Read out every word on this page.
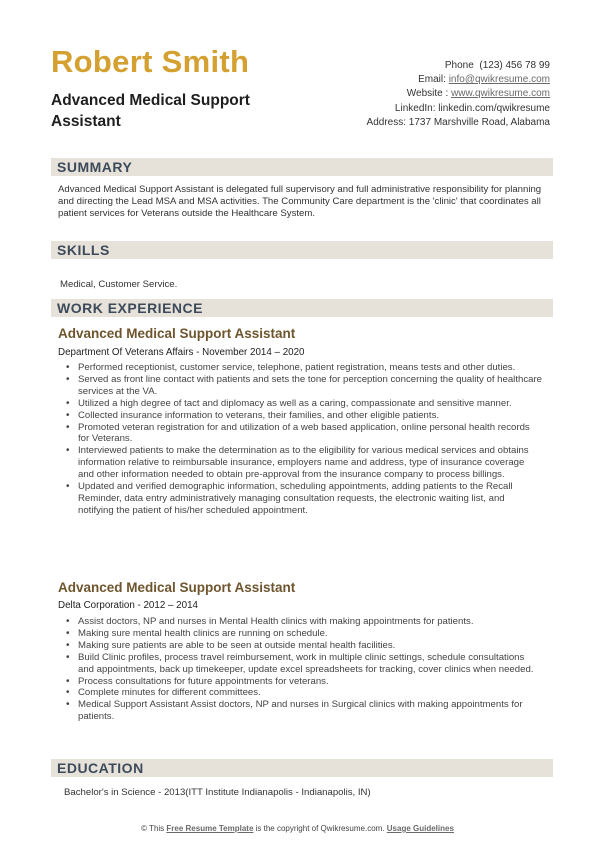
Robert Smith
Advanced Medical Support Assistant
Phone (123) 456 78 99
Email: info@qwikresume.com
Website : www.qwikresume.com
LinkedIn: linkedin.com/qwikresume
Address: 1737 Marshville Road, Alabama
SUMMARY
Advanced Medical Support Assistant is delegated full supervisory and full administrative responsibility for planning and directing the Lead MSA and MSA activities. The Community Care department is the 'clinic' that coordinates all patient services for Veterans outside the Healthcare System.
SKILLS
Medical, Customer Service.
WORK EXPERIENCE
Advanced Medical Support Assistant
Department Of Veterans Affairs - November 2014 – 2020
• Performed receptionist, customer service, telephone, patient registration, means tests and other duties.
• Served as front line contact with patients and sets the tone for perception concerning the quality of healthcare services at the VA.
• Utilized a high degree of tact and diplomacy as well as a caring, compassionate and sensitive manner.
• Collected insurance information to veterans, their families, and other eligible patients.
• Promoted veteran registration for and utilization of a web based application, online personal health records for Veterans.
• Interviewed patients to make the determination as to the eligibility for various medical services and obtains information relative to reimbursable insurance, employers name and address, type of insurance coverage and other information needed to obtain pre-approval from the insurance company to process billings.
• Updated and verified demographic information, scheduling appointments, adding patients to the Recall Reminder, data entry administratively managing consultation requests, the electronic waiting list, and notifying the patient of his/her scheduled appointment.
Advanced Medical Support Assistant
Delta Corporation - 2012 – 2014
• Assist doctors, NP and nurses in Mental Health clinics with making appointments for patients.
• Making sure mental health clinics are running on schedule.
• Making sure patients are able to be seen at outside mental health facilities.
• Build Clinic profiles, process travel reimbursement, work in multiple clinic settings, schedule consultations and appointments, back up timekeeper, update excel spreadsheets for tracking, cover clinics when needed.
• Process consultations for future appointments for veterans.
• Complete minutes for different committees.
• Medical Support Assistant Assist doctors, NP and nurses in Surgical clinics with making appointments for patients.
EDUCATION
Bachelor's in Science - 2013(ITT Institute Indianapolis - Indianapolis, IN)
© This Free Resume Template is the copyright of Qwikresume.com. Usage Guidelines
